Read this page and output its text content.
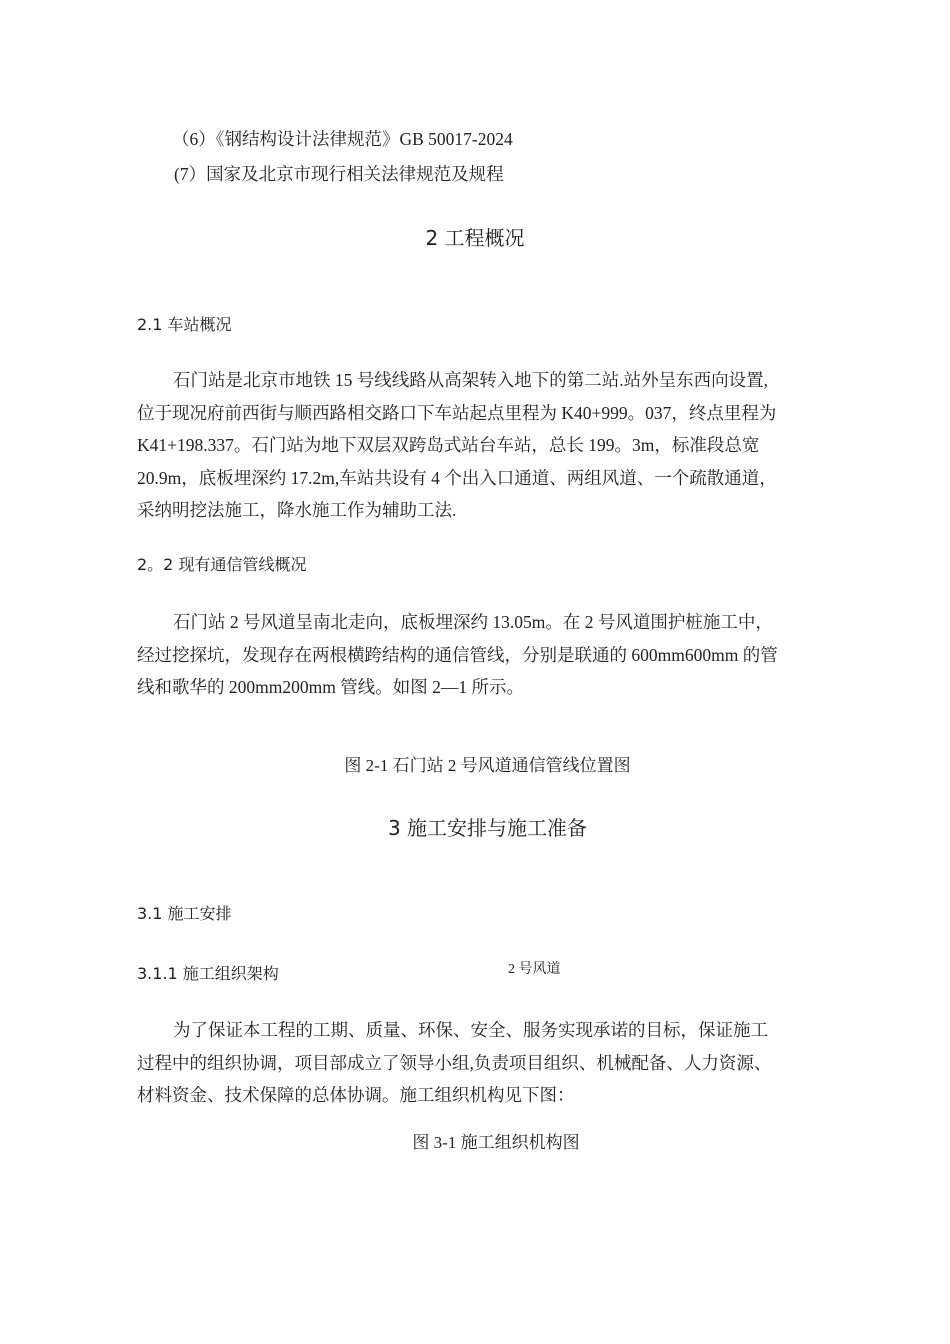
（6）《钢结构设计法律规范》GB 50017-2024
(7）国家及北京市现行相关法律规范及规程
2 工程概况
2.1 车站概况
石门站是北京市地铁 15 号线线路从高架转入地下的第二站.站外呈东西向设置,
位于现况府前西街与顺西路相交路口下车站起点里程为 K40+999。037，终点里程为
K41+198.337。石门站为地下双层双跨岛式站台车站，总长 199。3m，标准段总宽
20.9m，底板埋深约 17.2m,车站共设有 4 个出入口通道、两组风道、一个疏散通道，
采纳明挖法施工，降水施工作为辅助工法.
2。2 现有通信管线概况
石门站 2 号风道呈南北走向，底板埋深约 13.05m。在 2 号风道围护桩施工中，
经过挖探坑，发现存在两根横跨结构的通信管线，分别是联通的 600mm600mm 的管
线和歌华的 200mm200mm 管线。如图 2—1 所示。
图 2-1 石门站 2 号风道通信管线位置图
3 施工安排与施工准备
3.1 施工安排
3.1.1 施工组织架构	2 号风道
为了保证本工程的工期、质量、环保、安全、服务实现承诺的目标，保证施工
过程中的组织协调，项目部成立了领导小组,负责项目组织、机械配备、人力资源、
材料资金、技术保障的总体协调。施工组织机构见下图：
图 3-1 施工组织机构图
